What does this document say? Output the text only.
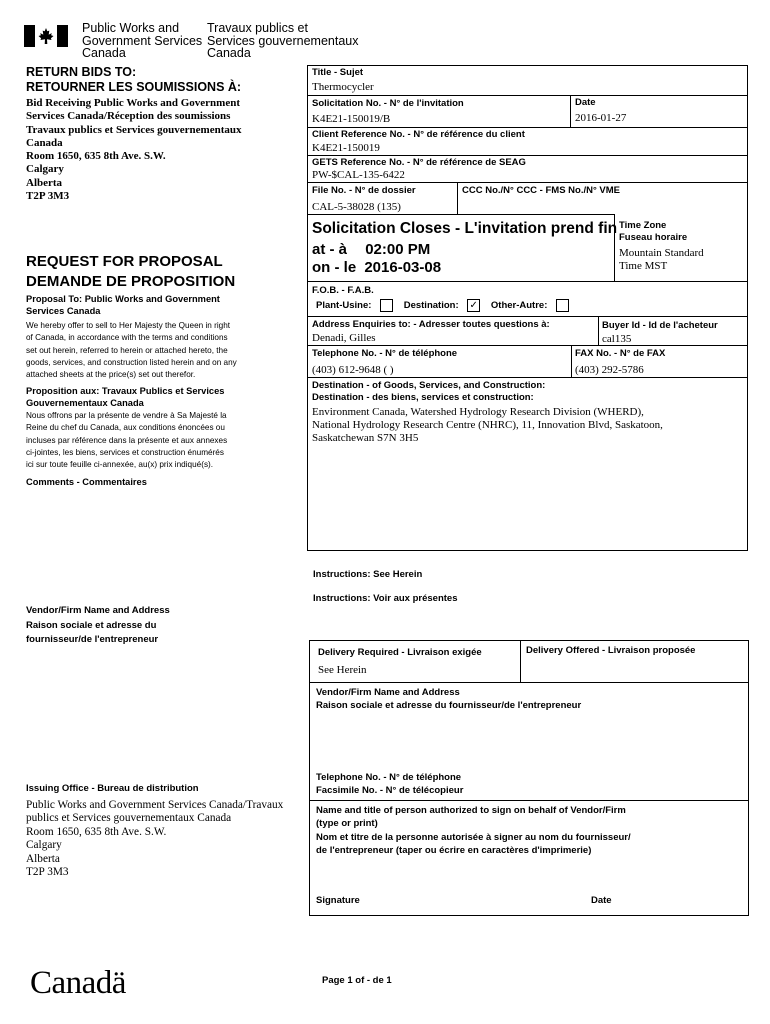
Public Works and
Government Services
Canada
Travaux publics et
Services gouvernementaux
Canada
RETURN BIDS TO:
RETOURNER LES SOUMISSIONS À:
Bid Receiving Public Works and Government
Services Canada/Réception des soumissions
Travaux publics et Services gouvernementaux
Canada
Room 1650, 635 8th Ave. S.W.
Calgary
Alberta
T2P 3M3
REQUEST FOR PROPOSAL
DEMANDE DE PROPOSITION
Proposal To: Public Works and Government
Services Canada
We hereby offer to sell to Her Majesty the Queen in right
of Canada, in accordance with the terms and conditions
set out herein, referred to herein or attached hereto, the
goods, services, and construction listed herein and on any
attached sheets at the price(s) set out therefor.
Proposition aux: Travaux Publics et Services
Gouvernementaux Canada
Nous offrons par la présente de vendre à Sa Majesté la
Reine du chef du Canada, aux conditions énoncées ou
incluses par référence dans la présente et aux annexes
ci-jointes, les biens, services et construction énumérés
ici sur toute feuille ci-annexée, au(x) prix indiqué(s).
Comments - Commentaires
Title - Sujet
Thermocycler
Solicitation No. - N° de l'invitation
K4E21-150019/B
Date
2016-01-27
Client Reference No. - N° de référence du client
K4E21-150019
GETS Reference No. - N° de référence de SEAG
PW-$CAL-135-6422
File No. - N° de dossier
CAL-5-38028 (135)
CCC No./N° CCC - FMS No./N° VME
Solicitation Closes - L'invitation prend fin
at - à 02:00 PM
on - le 2016-03-08
Time Zone
Fuseau horaire
Mountain Standard
Time MST
F.O.B. - F.A.B.
Plant-Usine:	Destination: ✓ Other-Autre:
Address Enquiries to: - Adresser toutes questions à:
Denadi, Gilles
Buyer Id - Id de l'acheteur
cal135
Telephone No. - N° de téléphone
(403) 612-9648 ( )
FAX No. - N° de FAX
(403) 292-5786
Destination - of Goods, Services, and Construction:
Destination - des biens, services et construction:
Environment Canada, Watershed Hydrology Research Division (WHERD),
National Hydrology Research Centre (NHRC), 11, Innovation Blvd, Saskatoon,
Saskatchewan S7N 3H5
Instructions: See Herein
Instructions: Voir aux présentes
Vendor/Firm Name and Address
Raison sociale et adresse du
fournisseur/de l'entrepreneur
Delivery Required - Livraison exigée
See Herein
Delivery Offered - Livraison proposée
Vendor/Firm Name and Address
Raison sociale et adresse du fournisseur/de l'entrepreneur
Telephone No. - N° de téléphone
Facsimile No. - N° de télécopieur
Name and title of person authorized to sign on behalf of Vendor/Firm
(type or print)
Nom et titre de la personne autorisée à signer au nom du fournisseur/
de l'entrepreneur (taper ou écrire en caractères d'imprimerie)
Signature	Date
Issuing Office - Bureau de distribution
Public Works and Government Services Canada/Travaux
publics et Services gouvernementaux Canada
Room 1650, 635 8th Ave. S.W.
Calgary
Alberta
T2P 3M3
Canadä	Page 1 of - de 1
